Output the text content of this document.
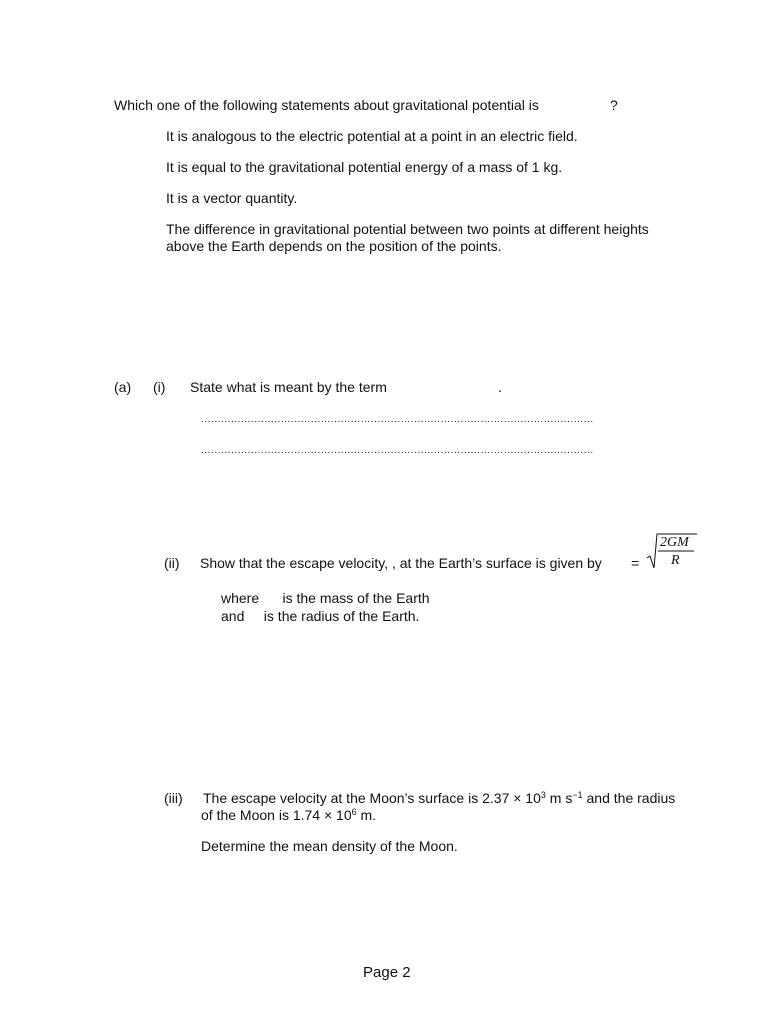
Which one of the following statements about gravitational potential is	?
It is analogous to the electric potential at a point in an electric field.
It is equal to the gravitational potential energy of a mass of 1 kg.
It is a vector quantity.
The difference in gravitational potential between two points at different heights
above the Earth depends on the position of the points.
(a) (i) State what is meant by the term	.
......................................................................................................................
......................................................................................................................
(ii) Show that the escape velocity, , at the Earth’s surface is given by =
2GM
R
where      is the mass of the Earth
and     is the radius of the Earth.
(iii) The escape velocity at the Moon’s surface is $2.37 \times 10^3$ m $s^{-1}$ and the radius
of the Moon is $1.74 \times 10^6$ m.
Determine the mean density of the Moon.
Page 2
